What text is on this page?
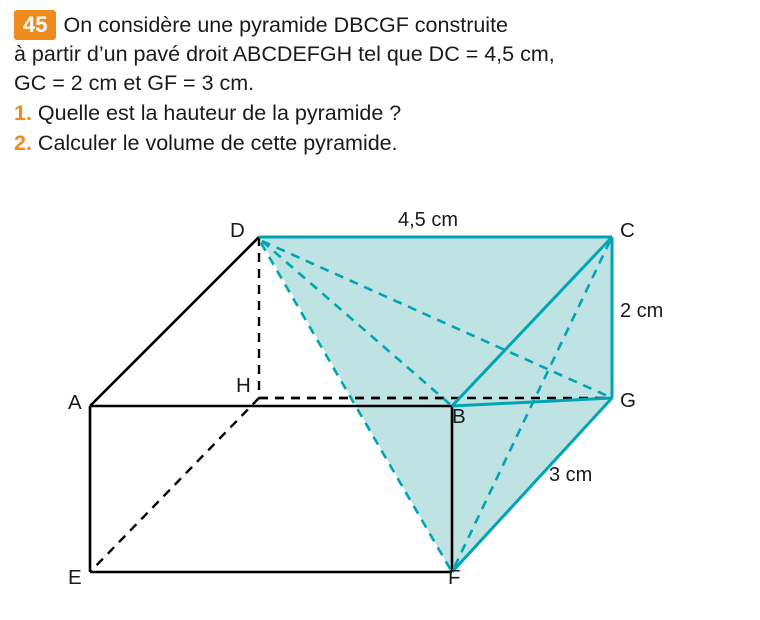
45 On considère une pyramide DBCGF construite
à partir d’un pavé droit ABCDEFGH tel que DC = 4,5 cm,
GC = 2 cm et GF = 3 cm.
1. Quelle est la hauteur de la pyramide ?
2. Calculer le volume de cette pyramide.
D	C
A
H
B
G
E	F
4,5 cm
2 cm
3 cm
